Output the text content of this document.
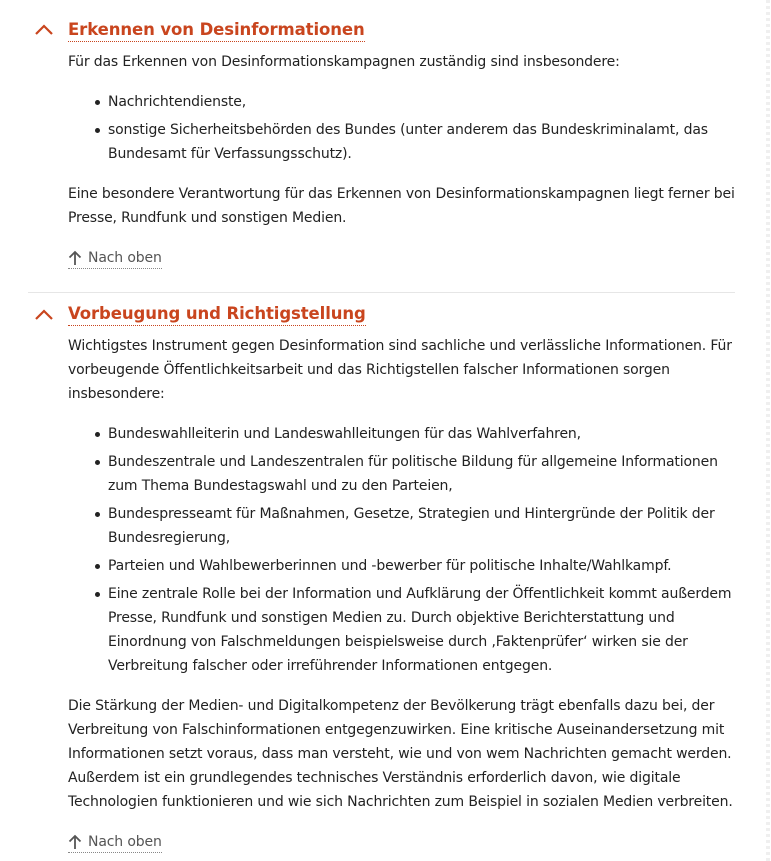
Erkennen von Desinformationen

Für das Erkennen von Desinformationskampagnen zuständig sind insbesondere:

Nachrichtendienste,
sonstige Sicherheitsbehörden des Bundes (unter anderem das Bundeskriminalamt, das Bundesamt für Verfassungsschutz).

Eine besondere Verantwortung für das Erkennen von Desinformationskampagnen liegt ferner bei Presse, Rundfunk und sonstigen Medien.

Nach oben
Vorbeugung und Richtigstellung

Wichtigstes Instrument gegen Desinformation sind sachliche und verlässliche Informationen. Für vorbeugende Öffentlichkeitsarbeit und das Richtigstellen falscher Informationen sorgen insbesondere:

Bundeswahlleiterin und Landeswahlleitungen für das Wahlverfahren,
Bundeszentrale und Landeszentralen für politische Bildung für allgemeine Informationen zum Thema Bundestagswahl und zu den Parteien,
Bundespresseamt für Maßnahmen, Gesetze, Strategien und Hintergründe der Politik der Bundesregierung,
Parteien und Wahlbewerberinnen und -bewerber für politische Inhalte/Wahlkampf.
Eine zentrale Rolle bei der Information und Aufklärung der Öffentlichkeit kommt außerdem Presse, Rundfunk und sonstigen Medien zu. Durch objektive Berichterstattung und Einordnung von Falschmeldungen beispielsweise durch ‚Faktenprüfer‘ wirken sie der Verbreitung falscher oder irreführender Informationen entgegen.

Die Stärkung der Medien- und Digitalkompetenz der Bevölkerung trägt ebenfalls dazu bei, der Verbreitung von Falschinformationen entgegenzuwirken. Eine kritische Auseinandersetzung mit Informationen setzt voraus, dass man versteht, wie und von wem Nachrichten gemacht werden. Außerdem ist ein grundlegendes technisches Verständnis erforderlich davon, wie digitale Technologien funktionieren und wie sich Nachrichten zum Beispiel in sozialen Medien verbreiten.

Nach oben
